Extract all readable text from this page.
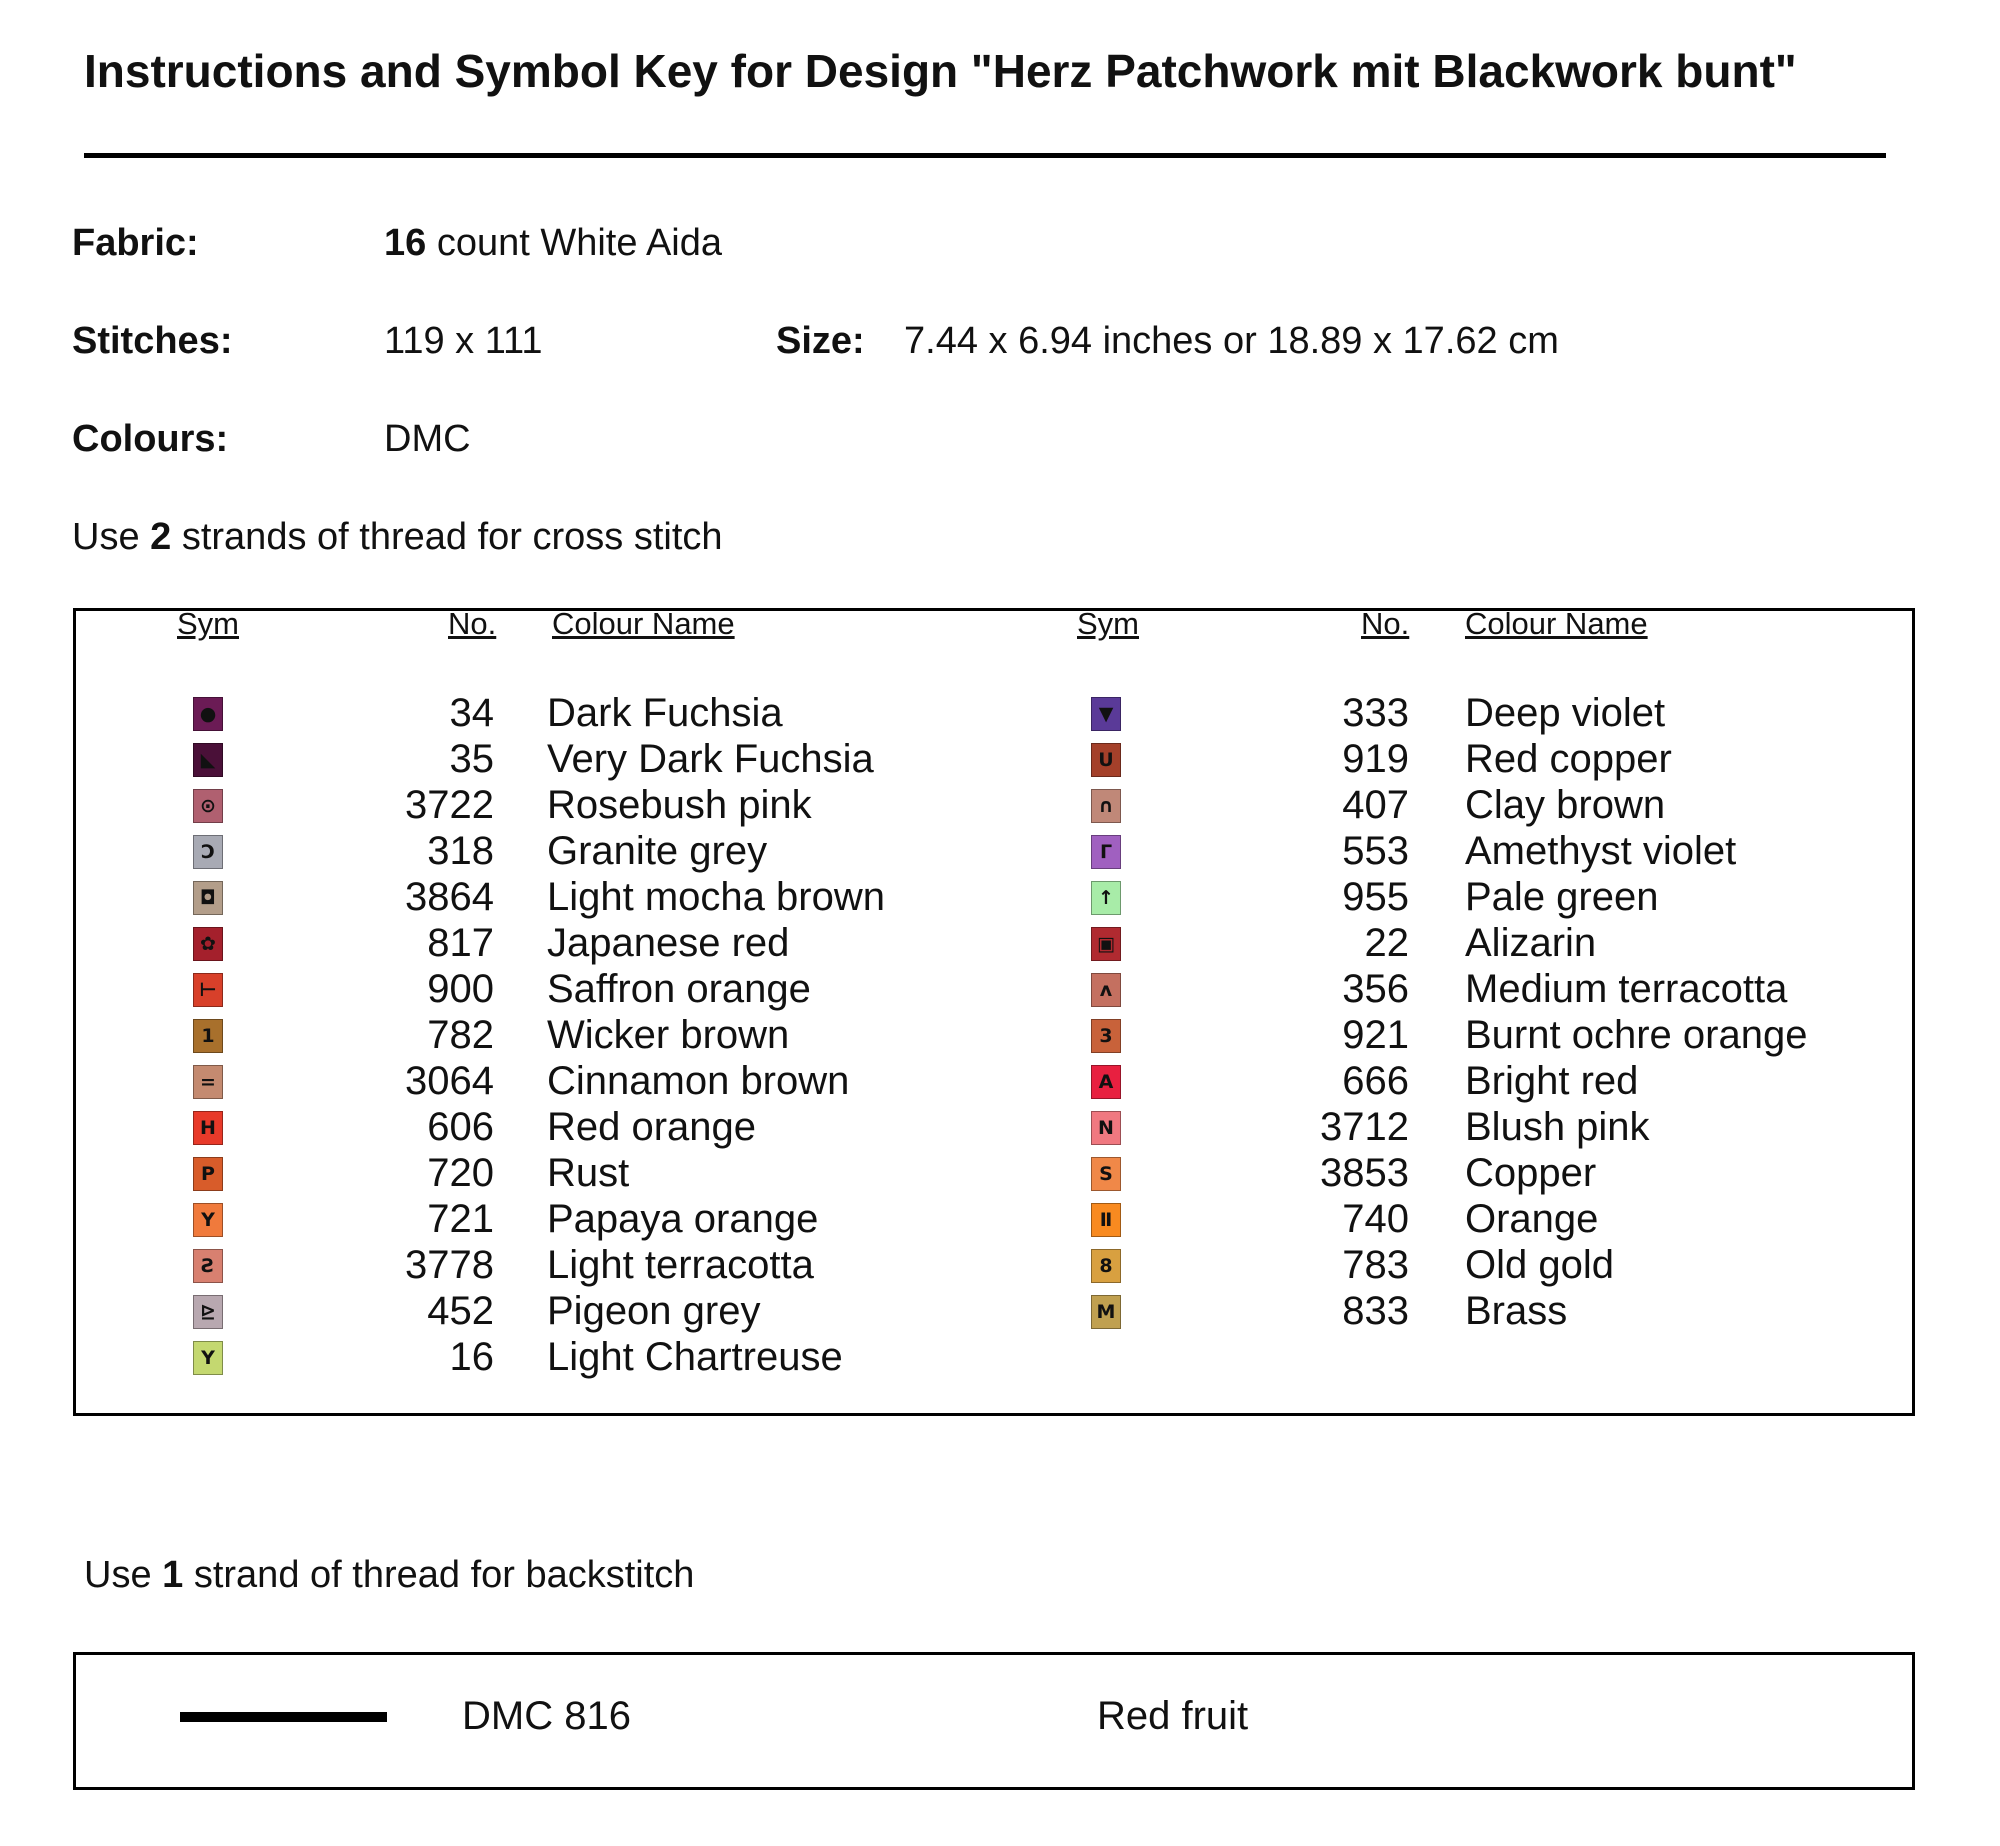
Instructions and Symbol Key for Design "Herz Patchwork mit Blackwork bunt"
Fabric:	16 count White Aida
Stitches:	119 x 111	Size: 7.44 x 6.94 inches or 18.89 x 17.62 cm
Colours:	DMC
Use 2 strands of thread for cross stitch
Sym	No. Colour Name	Sym	No. Colour Name
●	34 Dark Fuchsia
◣	35 Very Dark Fuchsia
⊙	3722 Rosebush pink
Ɔ	318 Granite grey
◘	3864 Light mocha brown
✿	817 Japanese red
⊢	900 Saffron orange
1	782 Wicker brown
=	3064 Cinnamon brown
H	606 Red orange
P	720 Rust
Y	721 Papaya orange
Ƨ	3778 Light terracotta
⊵	452 Pigeon grey
Y	16 Light Chartreuse
▼	333 Deep violet
U	919 Red copper
∩	407 Clay brown
Γ	553 Amethyst violet
↑	955 Pale green
▣	22 Alizarin
ʌ	356 Medium terracotta
3	921 Burnt ochre orange
A	666 Bright red
N	3712 Blush pink
S	3853 Copper
Ⅱ	740 Orange
8	783 Old gold
M	833 Brass
Use 1 strand of thread for backstitch
DMC 816	Red fruit
